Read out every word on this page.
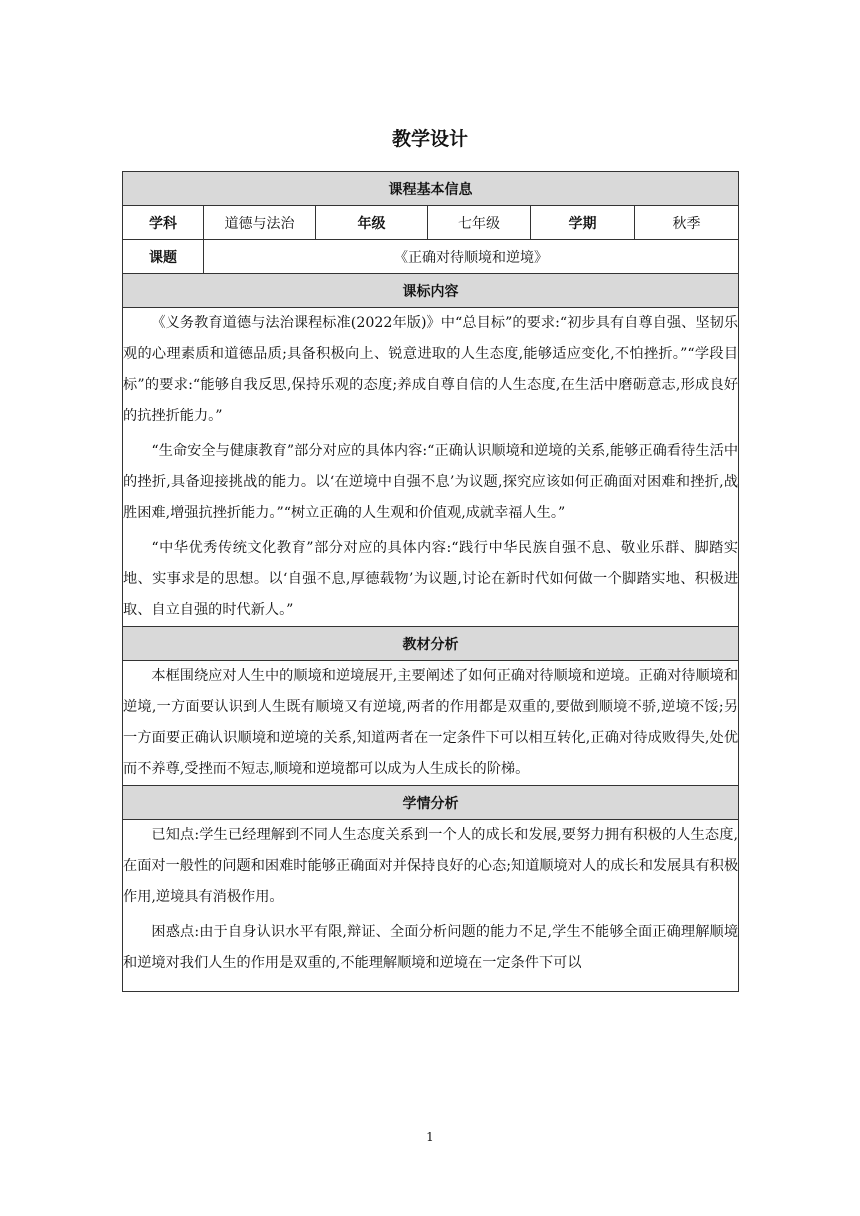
教学设计
课程基本信息					
学科	道德与法治	年级	七年级	学期	秋季
课题	《正确对待顺境和逆境》				
课标内容					

《义务教育道德与法治课程标准(2022年版)》中“总目标”的要求:“初步具有自尊自强、坚韧乐观的心理素质和道德品质;具备积极向上、锐意进取的人生态度,能够适应变化,不怕挫折。”“学段目标”的要求:“能够自我反思,保持乐观的态度;养成自尊自信的人生态度,在生活中磨砺意志,形成良好的抗挫折能力。”

“生命安全与健康教育”部分对应的具体内容:“正确认识顺境和逆境的关系,能够正确看待生活中的挫折,具备迎接挑战的能力。以‘在逆境中自强不息’为议题,探究应该如何正确面对困难和挫折,战胜困难,增强抗挫折能力。”“树立正确的人生观和价值观,成就幸福人生。”

“中华优秀传统文化教育”部分对应的具体内容:“践行中华民族自强不息、敬业乐群、脚踏实地、实事求是的思想。以‘自强不息,厚德载物’为议题,讨论在新时代如何做一个脚踏实地、积极进取、自立自强的时代新人。”					

教材分析					

本框围绕应对人生中的顺境和逆境展开,主要阐述了如何正确对待顺境和逆境。正确对待顺境和逆境,一方面要认识到人生既有顺境又有逆境,两者的作用都是双重的,要做到顺境不骄,逆境不馁;另一方面要正确认识顺境和逆境的关系,知道两者在一定条件下可以相互转化,正确对待成败得失,处优而不养尊,受挫而不短志,顺境和逆境都可以成为人生成长的阶梯。					

学情分析					

已知点:学生已经理解到不同人生态度关系到一个人的成长和发展,要努力拥有积极的人生态度,在面对一般性的问题和困难时能够正确面对并保持良好的心态;知道顺境对人的成长和发展具有积极作用,逆境具有消极作用。

困惑点:由于自身认识水平有限,辩证、全面分析问题的能力不足,学生不能够全面正确理解顺境和逆境对我们人生的作用是双重的,不能理解顺境和逆境在一定条件下可以					

1
